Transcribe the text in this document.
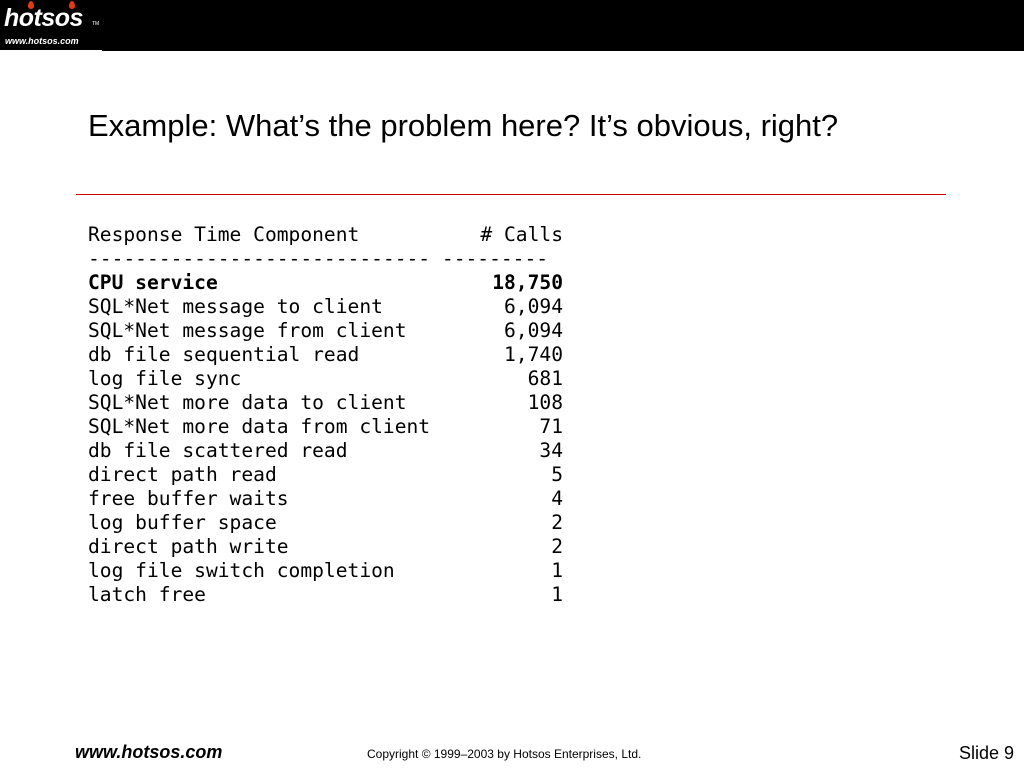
hotsos TM
www.hotsos.com
Example: What’s the problem here? It’s obvious, right?
Response Time Component	# Calls
----------------------------- ---------
CPU service	18,750
SQL*Net message to client	6,094
SQL*Net message from client	6,094
db file sequential read	1,740
log file sync	681
SQL*Net more data to client	108
SQL*Net more data from client	71
db file scattered read	34
direct path read	5
free buffer waits	4
log buffer space	2
direct path write	2
log file switch completion	1
latch free	1
www.hotsos.com	Copyright © 1999–2003 by Hotsos Enterprises, Ltd.	Slide 9
